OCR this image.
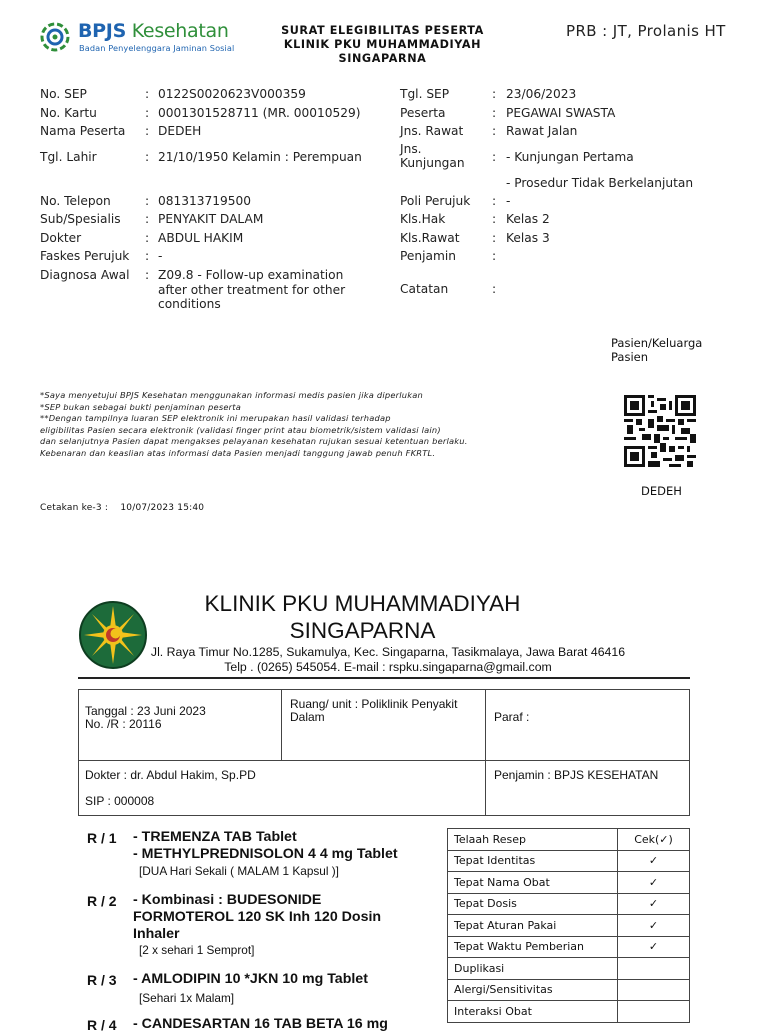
BPJS Kesehatan
Badan Penyelenggara Jaminan Sosial
SURAT ELEGIBILITAS PESERTA
KLINIK PKU MUHAMMADIYAH
SINGAPARNA
PRB : JT, Prolanis HT
No. SEP	: 0122S0020623V000359
No. Kartu	: 0001301528711 (MR. 00010529)
Nama Peserta : DEDEH
Tgl. Lahir	: 21/10/1950 Kelamin : Perempuan
No. Telepon	: 081313719500
Sub/Spesialis : PENYAKIT DALAM
Dokter	: ABDUL HAKIM
Faskes Perujuk : -
Diagnosa Awal : Z09.8 - Follow-up examination after other treatment for other conditions
Tgl. SEP	: 23/06/2023
Peserta	: PEGAWAI SWASTA
Jns. Rawat : Rawat Jalan
Jns. Kunjungan	: - Kunjungan Pertama
- Prosedur Tidak Berkelanjutan
Poli Perujuk : -
Kls.Hak	: Kelas 2
Kls.Rawat	: Kelas 3
Penjamin	:
Catatan	:
Pasien/Keluarga Pasien
*Saya menyetujui BPJS Kesehatan menggunakan informasi medis pasien jika diperlukan
*SEP bukan sebagai bukti penjaminan peserta
**Dengan tampilnya luaran SEP elektronik ini merupakan hasil validasi terhadap
eligibilitas Pasien secara elektronik (validasi finger print atau biometrik/sistem validasi lain)
dan selanjutnya Pasien dapat mengakses pelayanan kesehatan rujukan sesuai ketentuan berlaku.
Kebenaran dan keaslian atas informasi data Pasien menjadi tanggung jawab penuh FKRTL.
DEDEH
Cetakan ke-3 : 10/07/2023 15:40
KLINIK PKU MUHAMMADIYAH
SINGAPARNA
Jl. Raya Timur No.1285, Sukamulya, Kec. Singaparna, Tasikmalaya, Jawa Barat 46416
Telp . (0265) 545054. E-mail : rspku.singaparna@gmail.com
Tanggal : 23 Juni 2023
No. /R : 20116
Ruang/ unit : Poliklinik Penyakit Dalam	Paraf :
Dokter : dr. Abdul Hakim, Sp.PD
SIP : 000008
Penjamin : BPJS KESEHATAN
R / 1 - TREMENZA TAB Tablet
- METHYLPREDNISOLON 4 4 mg Tablet
[DUA Hari Sekali ( MALAM 1 Kapsul )]
R / 2 - Kombinasi : BUDESONIDE
FORMOTEROL 120 SK Inh 120 Dosin
Inhaler
[2 x sehari 1 Semprot]
R / 3 - AMLODIPIN 10 *JKN 10 mg Tablet
[Sehari 1x Malam]
R / 4 - CANDESARTAN 16 TAB BETA 16 mg
Telaah Resep	Cek(✓)
Tepat Identitas	✓
Tepat Nama Obat	✓
Tepat Dosis	✓
Tepat Aturan Pakai	✓
Tepat Waktu Pemberian	✓
Duplikasi	
Alergi/Sensitivitas	
Interaksi Obat	
